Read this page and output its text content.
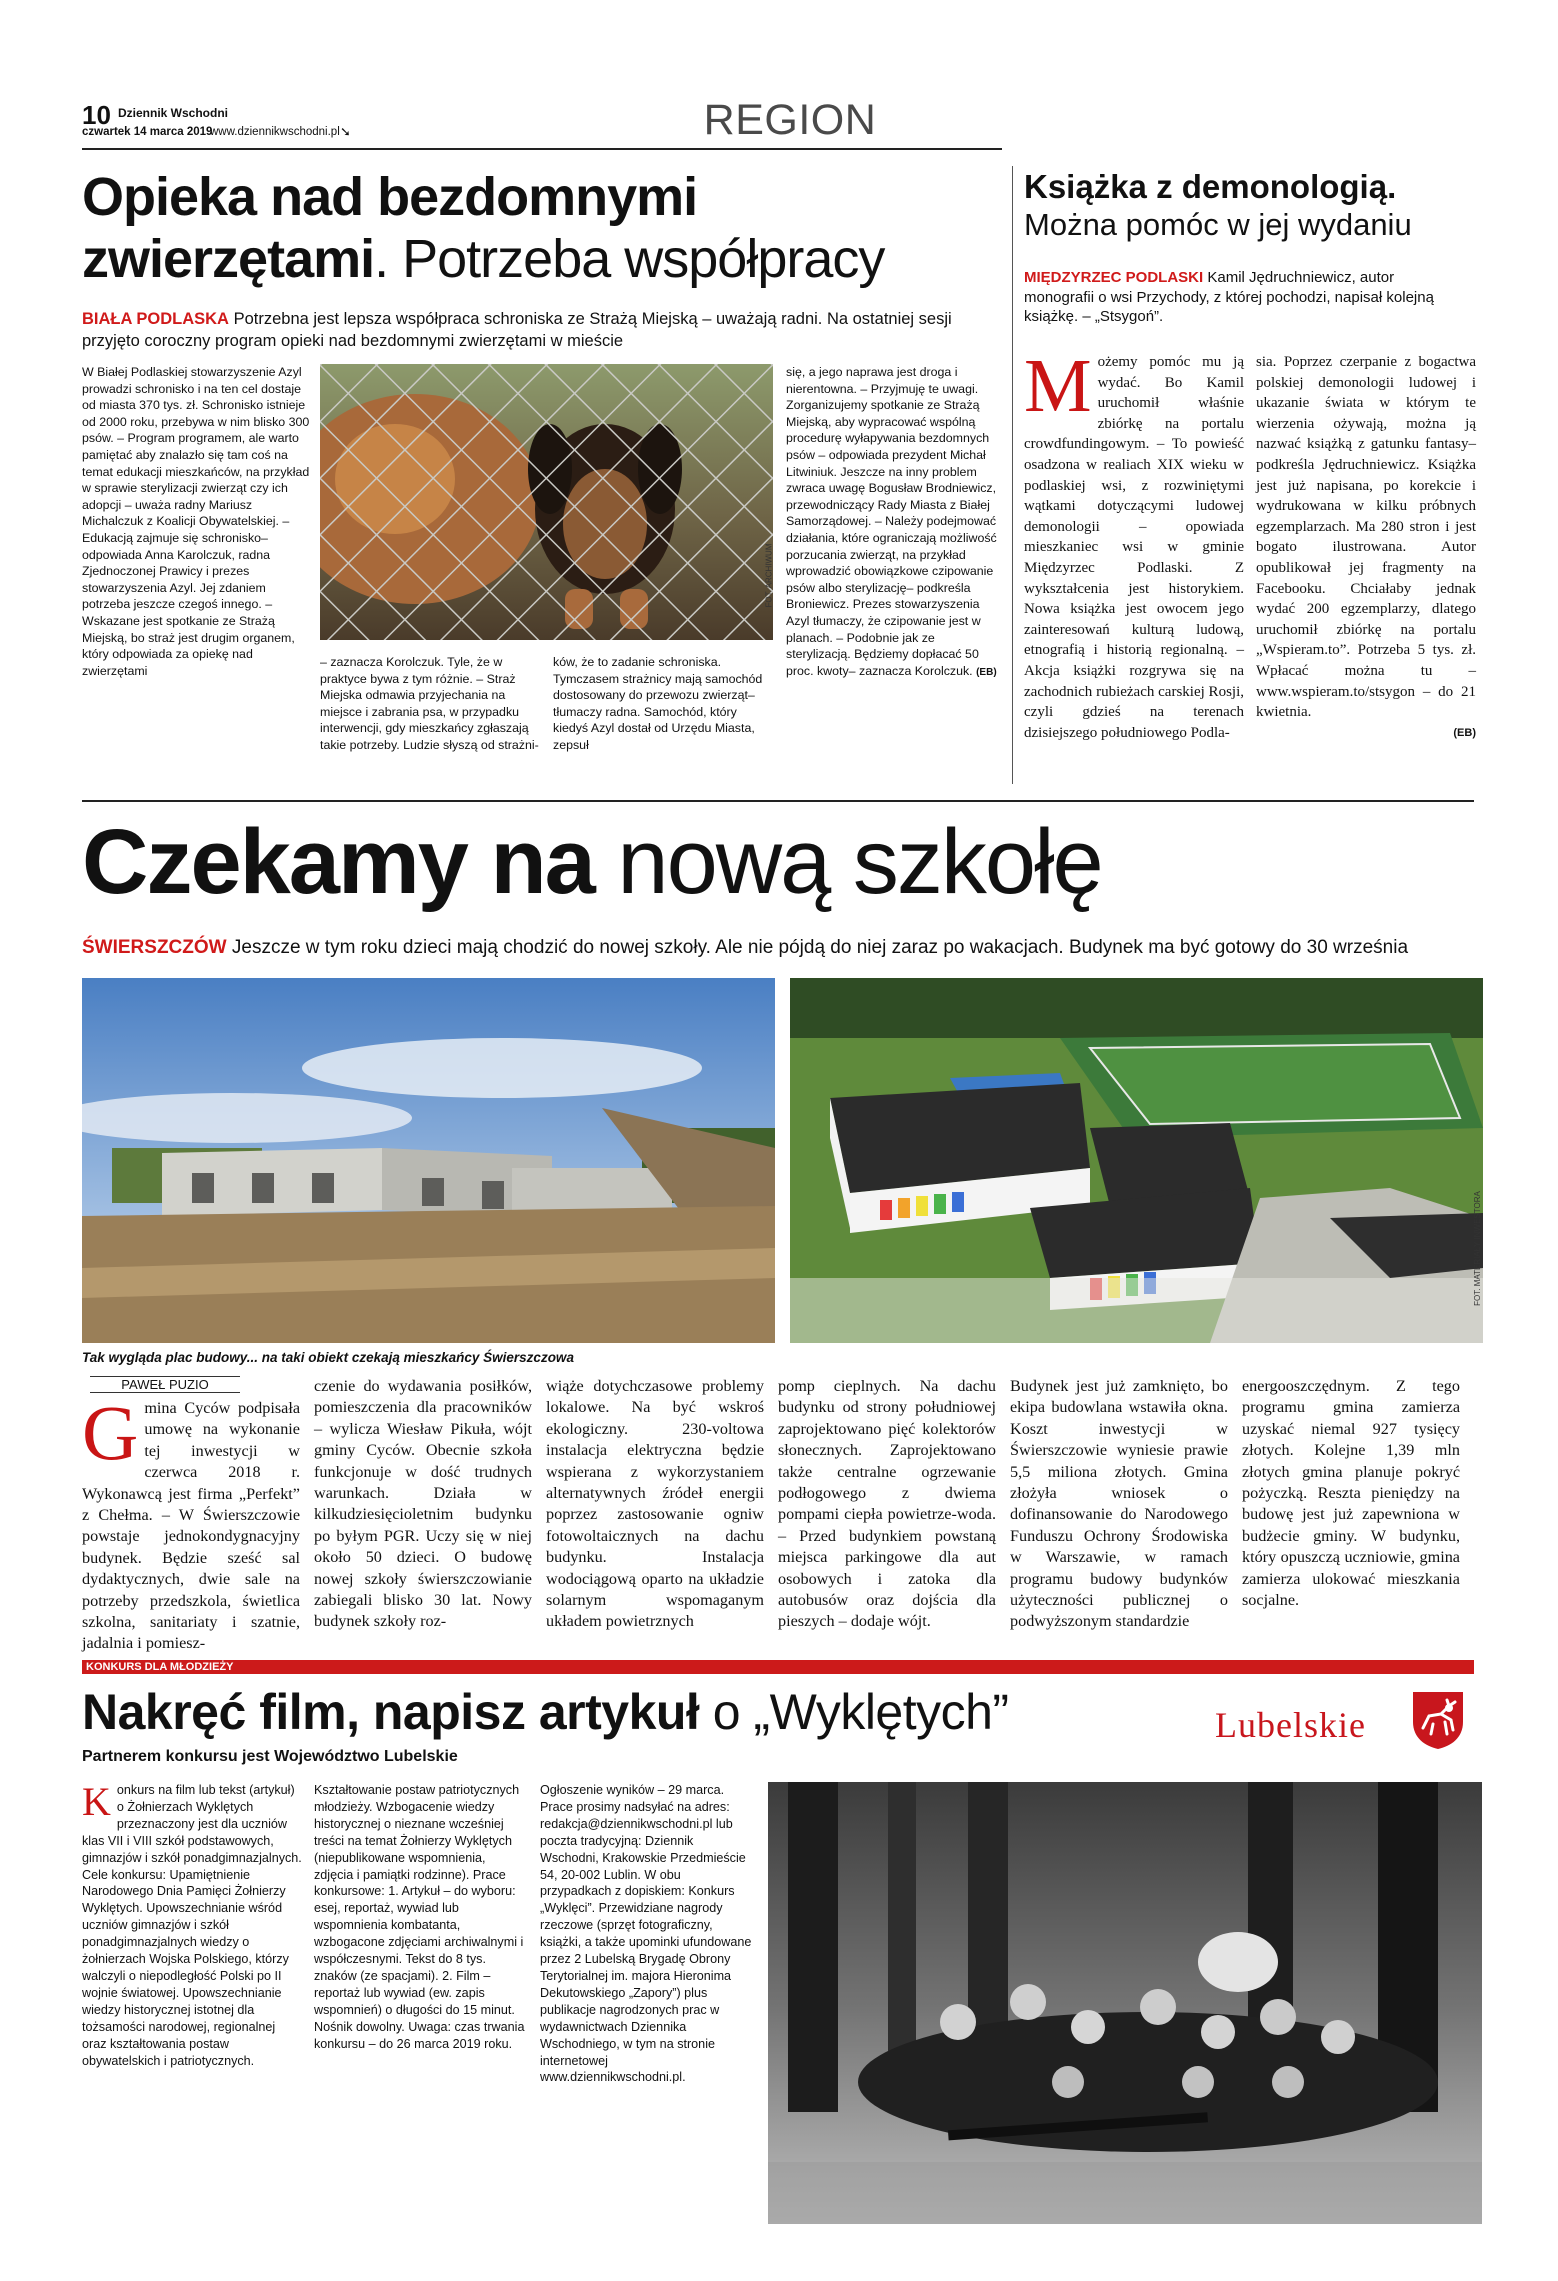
10 Dziennik Wschodni
czwartek 14 marca 2019
www.dziennikwschodni.pl ➘	REGION
Opieka nad bezdomnymi zwierzętami. Potrzeba współpracy
BIAŁA PODLASKA Potrzebna jest lepsza współpraca schroniska ze Strażą Miejską – uważają radni. Na ostatniej sesji przyjęto coroczny program opieki nad bezdomnymi zwierzętami w mieście
W Białej Podlaskiej stowarzyszenie Azyl prowadzi schronisko i na ten cel dostaje od miasta 370 tys. zł. Schronisko istnieje od 2000 roku, przebywa w nim blisko 300 psów. – Program programem, ale warto pamiętać aby znalazło się tam coś na temat edukacji mieszkańców, na przykład w sprawie sterylizacji zwierząt czy ich adopcji – uważa radny Mariusz Michalczuk z Koalicji Obywatelskiej. – Edukacją zajmuje się schronisko– odpowiada Anna Karolczuk, radna Zjednoczonej Prawicy i prezes stowarzyszenia Azyl. Jej zdaniem potrzeba jeszcze czegoś innego. – Wskazane jest spotkanie ze Strażą Miejską, bo straż jest drugim organem, który odpowiada za opiekę nad zwierzętami
FOT. ARCHIWUM
– zaznacza Korolczuk. Tyle, że w praktyce bywa z tym różnie. – Straż Miejska odmawia przyjechania na miejsce i zabrania psa, w przypadku interwencji, gdy mieszkańcy zgłaszają takie potrzeby. Ludzie słyszą od strażni-
ków, że to zadanie schroniska. Tymczasem strażnicy mają samochód dostosowany do przewozu zwierząt– tłumaczy radna. Samochód, który kiedyś Azyl dostał od Urzędu Miasta, zepsuł
się, a jego naprawa jest droga i nierentowna. – Przyjmuję te uwagi. Zorganizujemy spotkanie ze Strażą Miejską, aby wypracować wspólną procedurę wyłapywania bezdomnych psów – odpowiada prezydent Michał Litwiniuk. Jeszcze na inny problem zwraca uwagę Bogusław Brodniewicz, przewodniczący Rady Miasta z Białej Samorządowej. – Należy podejmować działania, które ograniczają możliwość porzucania zwierząt, na przykład wprowadzić obowiązkowe czipowanie psów albo sterylizację– podkreśla Broniewicz. Prezes stowarzyszenia Azyl tłumaczy, że czipowanie jest w planach. – Podobnie jak ze sterylizacją. Będziemy dopłacać 50 proc. kwoty– zaznacza Korolczuk. (EB)
Książka z demonologią.
Można pomóc w jej wydaniu
MIĘDZYRZEC PODLASKI Kamil Jędruchniewicz, autor monografii o wsi Przychody, z której pochodzi, napisał kolejną książkę. – „Stsygoń”.
M ożemy pomóc mu ją wydać. Bo Kamil uruchomił właśnie zbiórkę na portalu crowdfundingowym. – To powieść osadzona w realiach XIX wieku w podlaskiej wsi, z rozwiniętymi wątkami dotyczącymi ludowej demonologii – opowiada mieszkaniec wsi w gminie Międzyrzec Podlaski. Z wykształcenia jest historykiem. Nowa książka jest owocem jego zainteresowań kulturą ludową, etnografią i historią regionalną. – Akcja książki rozgrywa się na zachodnich rubieżach carskiej Rosji, czyli gdzieś na terenach dzisiejszego południowego Podla-
sia. Poprzez czerpanie z bogactwa polskiej demonologii ludowej i ukazanie świata w którym te wierzenia ożywają, można ją nazwać książką z gatunku fantasy– podkreśla Jędruchniewicz. Książka jest już napisana, po korekcie i wydrukowana w kilku próbnych egzemplarzach. Ma 280 stron i jest bogato ilustrowana. Autor opublikował jej fragmenty na Facebooku. Chciałaby jednak wydać 200 egzemplarzy, dlatego uruchomił zbiórkę na portalu „Wspieram.to”. Potrzeba 5 tys. zł. Wpłacać można tu – www.wspieram.to/stsygon – do 21 kwietnia.
(EB)
Czekamy na nową szkołę
ŚWIERSZCZÓW Jeszcze w tym roku dzieci mają chodzić do nowej szkoły. Ale nie pójdą do niej zaraz po wakacjach. Budynek ma być gotowy do 30 września
FOT. MATERIAŁY INWESTORA
Tak wygląda plac budowy... na taki obiekt czekają mieszkańcy Świerszczowa
PAWEŁ PUZIO
G mina Cyców podpisała umowę na wykonanie tej inwestycji w czerwca 2018 r. Wykonawcą jest firma „Perfekt” z Chełma. – W Świerszczowie powstaje jednokondygnacyjny budynek. Będzie sześć sal dydaktycznych, dwie sale na potrzeby przedszkola, świetlica szkolna, sanitariaty i szatnie, jadalnia i pomiesz-
czenie do wydawania posiłków, pomieszczenia dla pracowników – wylicza Wiesław Pikuła, wójt gminy Cyców. Obecnie szkoła funkcjonuje w dość trudnych warunkach. Działa w kilkudziesięcioletnim budynku po byłym PGR. Uczy się w niej około 50 dzieci. O budowę nowej szkoły świerszczowianie zabiegali blisko 30 lat. Nowy budynek szkoły roz-
wiąże dotychczasowe problemy lokalowe. Na być wskroś ekologiczny. 230-voltowa instalacja elektryczna będzie wspierana z wykorzystaniem alternatywnych źródeł energii poprzez zastosowanie ogniw fotowoltaicznych na dachu budynku. Instalacja wodociągową oparto na układzie solarnym wspomaganym układem powietrznych
pomp cieplnych. Na dachu budynku od strony południowej zaprojektowano pięć kolektorów słonecznych. Zaprojektowano także centralne ogrzewanie podłogowego z dwiema pompami ciepła powietrze-woda. – Przed budynkiem powstaną miejsca parkingowe dla aut osobowych i zatoka dla autobusów oraz dojścia dla pieszych – dodaje wójt.
Budynek jest już zamknięto, bo ekipa budowlana wstawiła okna. Koszt inwestycji w Świerszczowie wyniesie prawie 5,5 miliona złotych. Gmina złożyła wniosek o dofinansowanie do Narodowego Funduszu Ochrony Środowiska w Warszawie, w ramach programu budowy budynków użyteczności publicznej o podwyższonym standardzie
energooszczędnym. Z tego programu gmina zamierza uzyskać niemal 927 tysięcy złotych. Kolejne 1,39 mln złotych gmina planuje pokryć pożyczką. Reszta pieniędzy na budowę jest już zapewniona w budżecie gminy. W budynku, który opuszczą uczniowie, gmina zamierza ulokować mieszkania socjalne.
KONKURS DLA MŁODZIEŻY
Nakręć film, napisz artykuł o „Wyklętych”
Partnerem konkursu jest Województwo Lubelskie
Lubelskie
K onkurs na film lub tekst (artykuł) o Żołnierzach Wyklętych przeznaczony jest dla uczniów klas VII i VIII szkół podstawowych, gimnazjów i szkół ponadgimnazjalnych. Cele konkursu: Upamiętnienie Narodowego Dnia Pamięci Żołnierzy Wyklętych. Upowszechnianie wśród uczniów gimnazjów i szkół ponadgimnazjalnych wiedzy o żołnierzach Wojska Polskiego, którzy walczyli o niepodległość Polski po II wojnie światowej. Upowszechnianie wiedzy historycznej istotnej dla tożsamości narodowej, regionalnej oraz kształtowania postaw obywatelskich i patriotycznych.
Kształtowanie postaw patriotycznych młodzieży. Wzbogacenie wiedzy historycznej o nieznane wcześniej treści na temat Żołnierzy Wyklętych (niepublikowane wspomnienia, zdjęcia i pamiątki rodzinne). Prace konkursowe: 1. Artykuł – do wyboru: esej, reportaż, wywiad lub wspomnienia kombatanta, wzbogacone zdjęciami archiwalnymi i współczesnymi. Tekst do 8 tys. znaków (ze spacjami). 2. Film – reportaż lub wywiad (ew. zapis wspomnień) o długości do 15 minut. Nośnik dowolny. Uwaga: czas trwania konkursu – do 26 marca 2019 roku.
Ogłoszenie wyników – 29 marca. Prace prosimy nadsyłać na adres: redakcja@dziennikwschodni.pl lub poczta tradycyjną: Dziennik Wschodni, Krakowskie Przedmieście 54, 20-002 Lublin. W obu przypadkach z dopiskiem: Konkurs „Wyklęci”. Przewidziane nagrody rzeczowe (sprzęt fotograficzny, książki, a także upominki ufundowane przez 2 Lubelską Brygadę Obrony Terytorialnej im. majora Hieronima Dekutowskiego „Zapory”) plus publikacje nagrodzonych prac w wydawnictwach Dziennika Wschodniego, w tym na stronie internetowej www.dziennikwschodni.pl.
